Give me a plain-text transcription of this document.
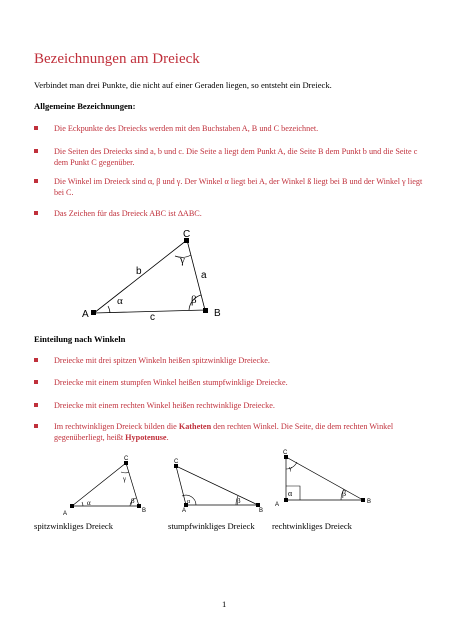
Bezeichnungen am Dreieck
Verbindet man drei Punkte, die nicht auf einer Geraden liegen, so entsteht ein Dreieck.
Allgemeine Bezeichnungen:
Die Eckpunkte des Dreiecks werden mit den Buchstaben A, B und C bezeichnet.
Die Seiten des Dreiecks sind a, b und c. Die Seite a liegt dem Punkt A, die Seite B dem Punkt b und die Seite c dem Punkt C gegenüber.
Die Winkel im Dreieck sind α, β und γ. Der Winkel α liegt bei A, der Winkel ß liegt bei B und der Winkel γ liegt bei C.
Das Zeichen für das Dreieck ABC ist ∆ABC.
A	B
C
a
b
c
α	β
γ
Einteilung nach Winkeln
Dreiecke mit drei spitzen Winkeln heißen spitzwinklige Dreiecke.
Dreiecke mit einem stumpfen Winkel heißen stumpfwinklige Dreiecke.
Dreiecke mit einem rechten Winkel heißen rechtwinklige Dreiecke.
Im rechtwinkligen Dreieck bilden die Katheten den rechten Winkel. Die Seite, die dem rechten Winkel gegenüberliegt, heißt Hypotenuse.
A	B
C
α	β
γ
A	B
C
α	β	A	B
C
α	β
γ
spitzwinkliges Dreieck	stumpfwinkliges Dreieck rechtwinkliges Dreieck
1
